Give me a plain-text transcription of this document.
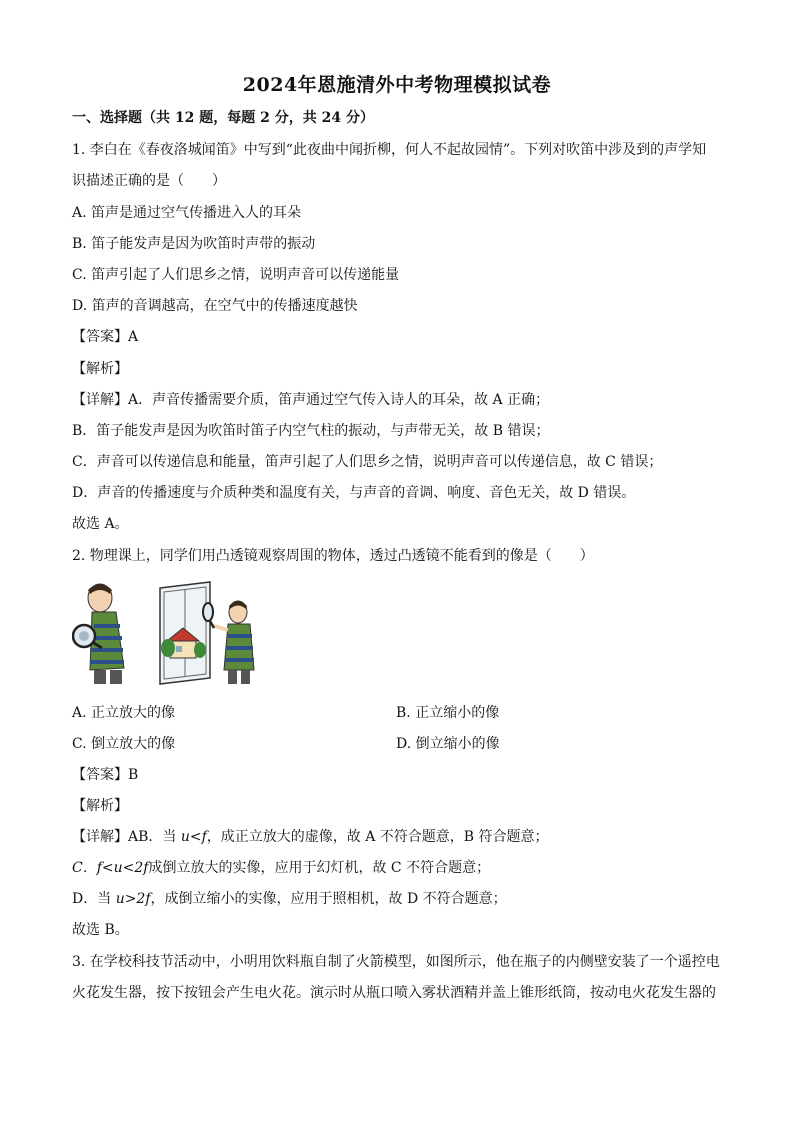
2024年恩施清外中考物理模拟试卷
一、选择题（共 12 题，每题 2 分，共 24 分）
1. 李白在《春夜洛城闻笛》中写到“此夜曲中闻折柳，何人不起故园情”。下列对吹笛中涉及到的声学知
识描述正确的是（　　）
A. 笛声是通过空气传播进入人的耳朵
B. 笛子能发声是因为吹笛时声带的振动
C. 笛声引起了人们思乡之情，说明声音可以传递能量
D. 笛声的音调越高，在空气中的传播速度越快
【答案】A
【解析】
【详解】A．声音传播需要介质，笛声通过空气传入诗人的耳朵，故 A 正确；
B．笛子能发声是因为吹笛时笛子内空气柱的振动，与声带无关，故 B 错误；
C．声音可以传递信息和能量，笛声引起了人们思乡之情，说明声音可以传递信息，故 C 错误；
D．声音的传播速度与介质种类和温度有关，与声音的音调、响度、音色无关，故 D 错误。
故选 A。
2. 物理课上，同学们用凸透镜观察周围的物体，透过凸透镜不能看到的像是（　　）
A. 正立放大的像	B. 正立缩小的像
C. 倒立放大的像	D. 倒立缩小的像
【答案】B
【解析】
【详解】AB．当 u<f，成正立放大的虚像，故 A 不符合题意，B 符合题意；
C．f<u<2f成倒立放大的实像，应用于幻灯机，故 C 不符合题意；
D．当 u>2f，成倒立缩小的实像，应用于照相机，故 D 不符合题意；
故选 B。
3. 在学校科技节活动中，小明用饮料瓶自制了火箭模型，如图所示，他在瓶子的内侧壁安装了一个遥控电
火花发生器，按下按钮会产生电火花。演示时从瓶口喷入雾状酒精并盖上锥形纸筒，按动电火花发生器的
